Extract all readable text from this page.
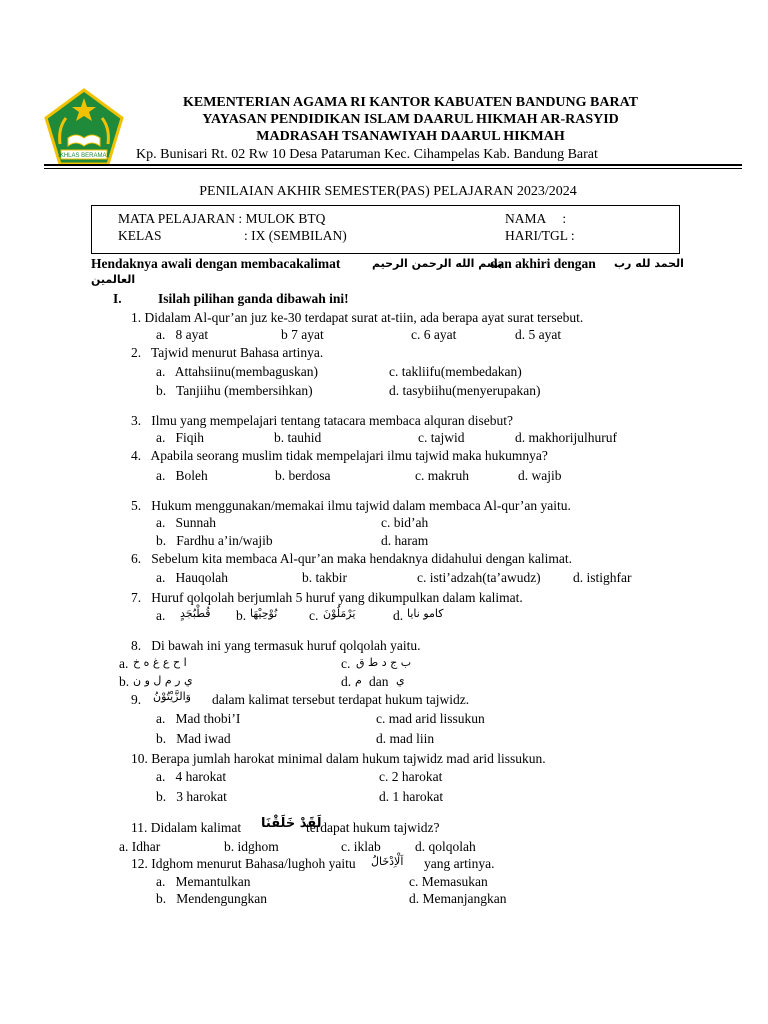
IKHLAS BERAMAL
KEMENTERIAN AGAMA RI KANTOR KABUATEN BANDUNG BARAT
YAYASAN PENDIDIKAN ISLAM DAARUL HIKMAH AR-RASYID
MADRASAH TSANAWIYAH DAARUL HIKMAH
Kp. Bunisari Rt. 02 Rw 10 Desa Pataruman Kec. Cihampelas Kab. Bandung Barat
PENILAIAN AKHIR SEMESTER(PAS) PELAJARAN 2023/2024
MATA PELAJARAN : MULOK BTQ
KELAS	: IX (SEMBILAN)
NAMA     :
HARI/TGL :
Hendaknya awali dengan membacakalimat	بسم الله الرحمن الرحيم
dan akhiri dengan الحمد لله رب
العالمين
I.	Isilah pilihan ganda dibawah ini!
1. Didalam Al-qur’an juz ke-30 terdapat surat at-tiin, ada berapa ayat surat tersebut.
a.   8 ayat	b 7 ayat	c. 6 ayat	d. 5 ayat
2.   Tajwid menurut Bahasa artinya.
a.   Attahsiinu(membaguskan)
b.   Tanjiihu (membersihkan)
c. takliifu(membedakan)
d. tasybiihu(menyerupakan)
3.   Ilmu yang mempelajari tentang tatacara membaca alquran disebut?
a.   Fiqih	b. tauhid	c. tajwid	d. makhorijulhuruf
4.   Apabila seorang muslim tidak mempelajari ilmu tajwid maka hukumnya?
a.   Boleh	b. berdosa	c. makruh	d. wajib
5.   Hukum menggunakan/memakai ilmu tajwid dalam membaca Al-qur’an yaitu.
a.   Sunnah
b.   Fardhu a’in/wajib
c. bid’ah
d. haram
6.   Sebelum kita membaca Al-qur’an maka hendaknya didahului dengan kalimat.
a.   Hauqolah	b. takbir	c. isti’adzah(ta’awudz) d. istighfar
7.   Huruf qolqolah berjumlah 5 huruf yang dikumpulkan dalam kalimat.
a. قُطْبُجَدٍ b. نُوْحِيْهَا c. يَرْمَلُوْنَ	d. كامو نايا
8.   Di bawah ini yang termasuk huruf qolqolah yaitu.
a. ا ح ع غ ه خ
b. ي ر م ل و ن
c. ب ج د ط ق
d. م dan ي
9. وَالزَّيْتُوْنُ dalam kalimat tersebut terdapat hukum tajwidz.
a.   Mad thobi’I
b.   Mad iwad
c. mad arid lissukun
d. mad liin
10. Berapa jumlah harokat minimal dalam hukum tajwidz mad arid lissukun.
a.   4 harokat
b.   3 harokat
c. 2 harokat
d. 1 harokat
11. Didalam kalimat لَقَدْ خَلَقْنَا
terdapat hukum tajwidz?
a. Idhar	b. idghom	c. iklab	d. qolqolah
12. Idghom menurut Bahasa/lughoh yaitu اَلْاِدْخَالُ yang artinya.
a.   Memantulkan
b.   Mendengungkan
c. Memasukan
d. Memanjangkan
